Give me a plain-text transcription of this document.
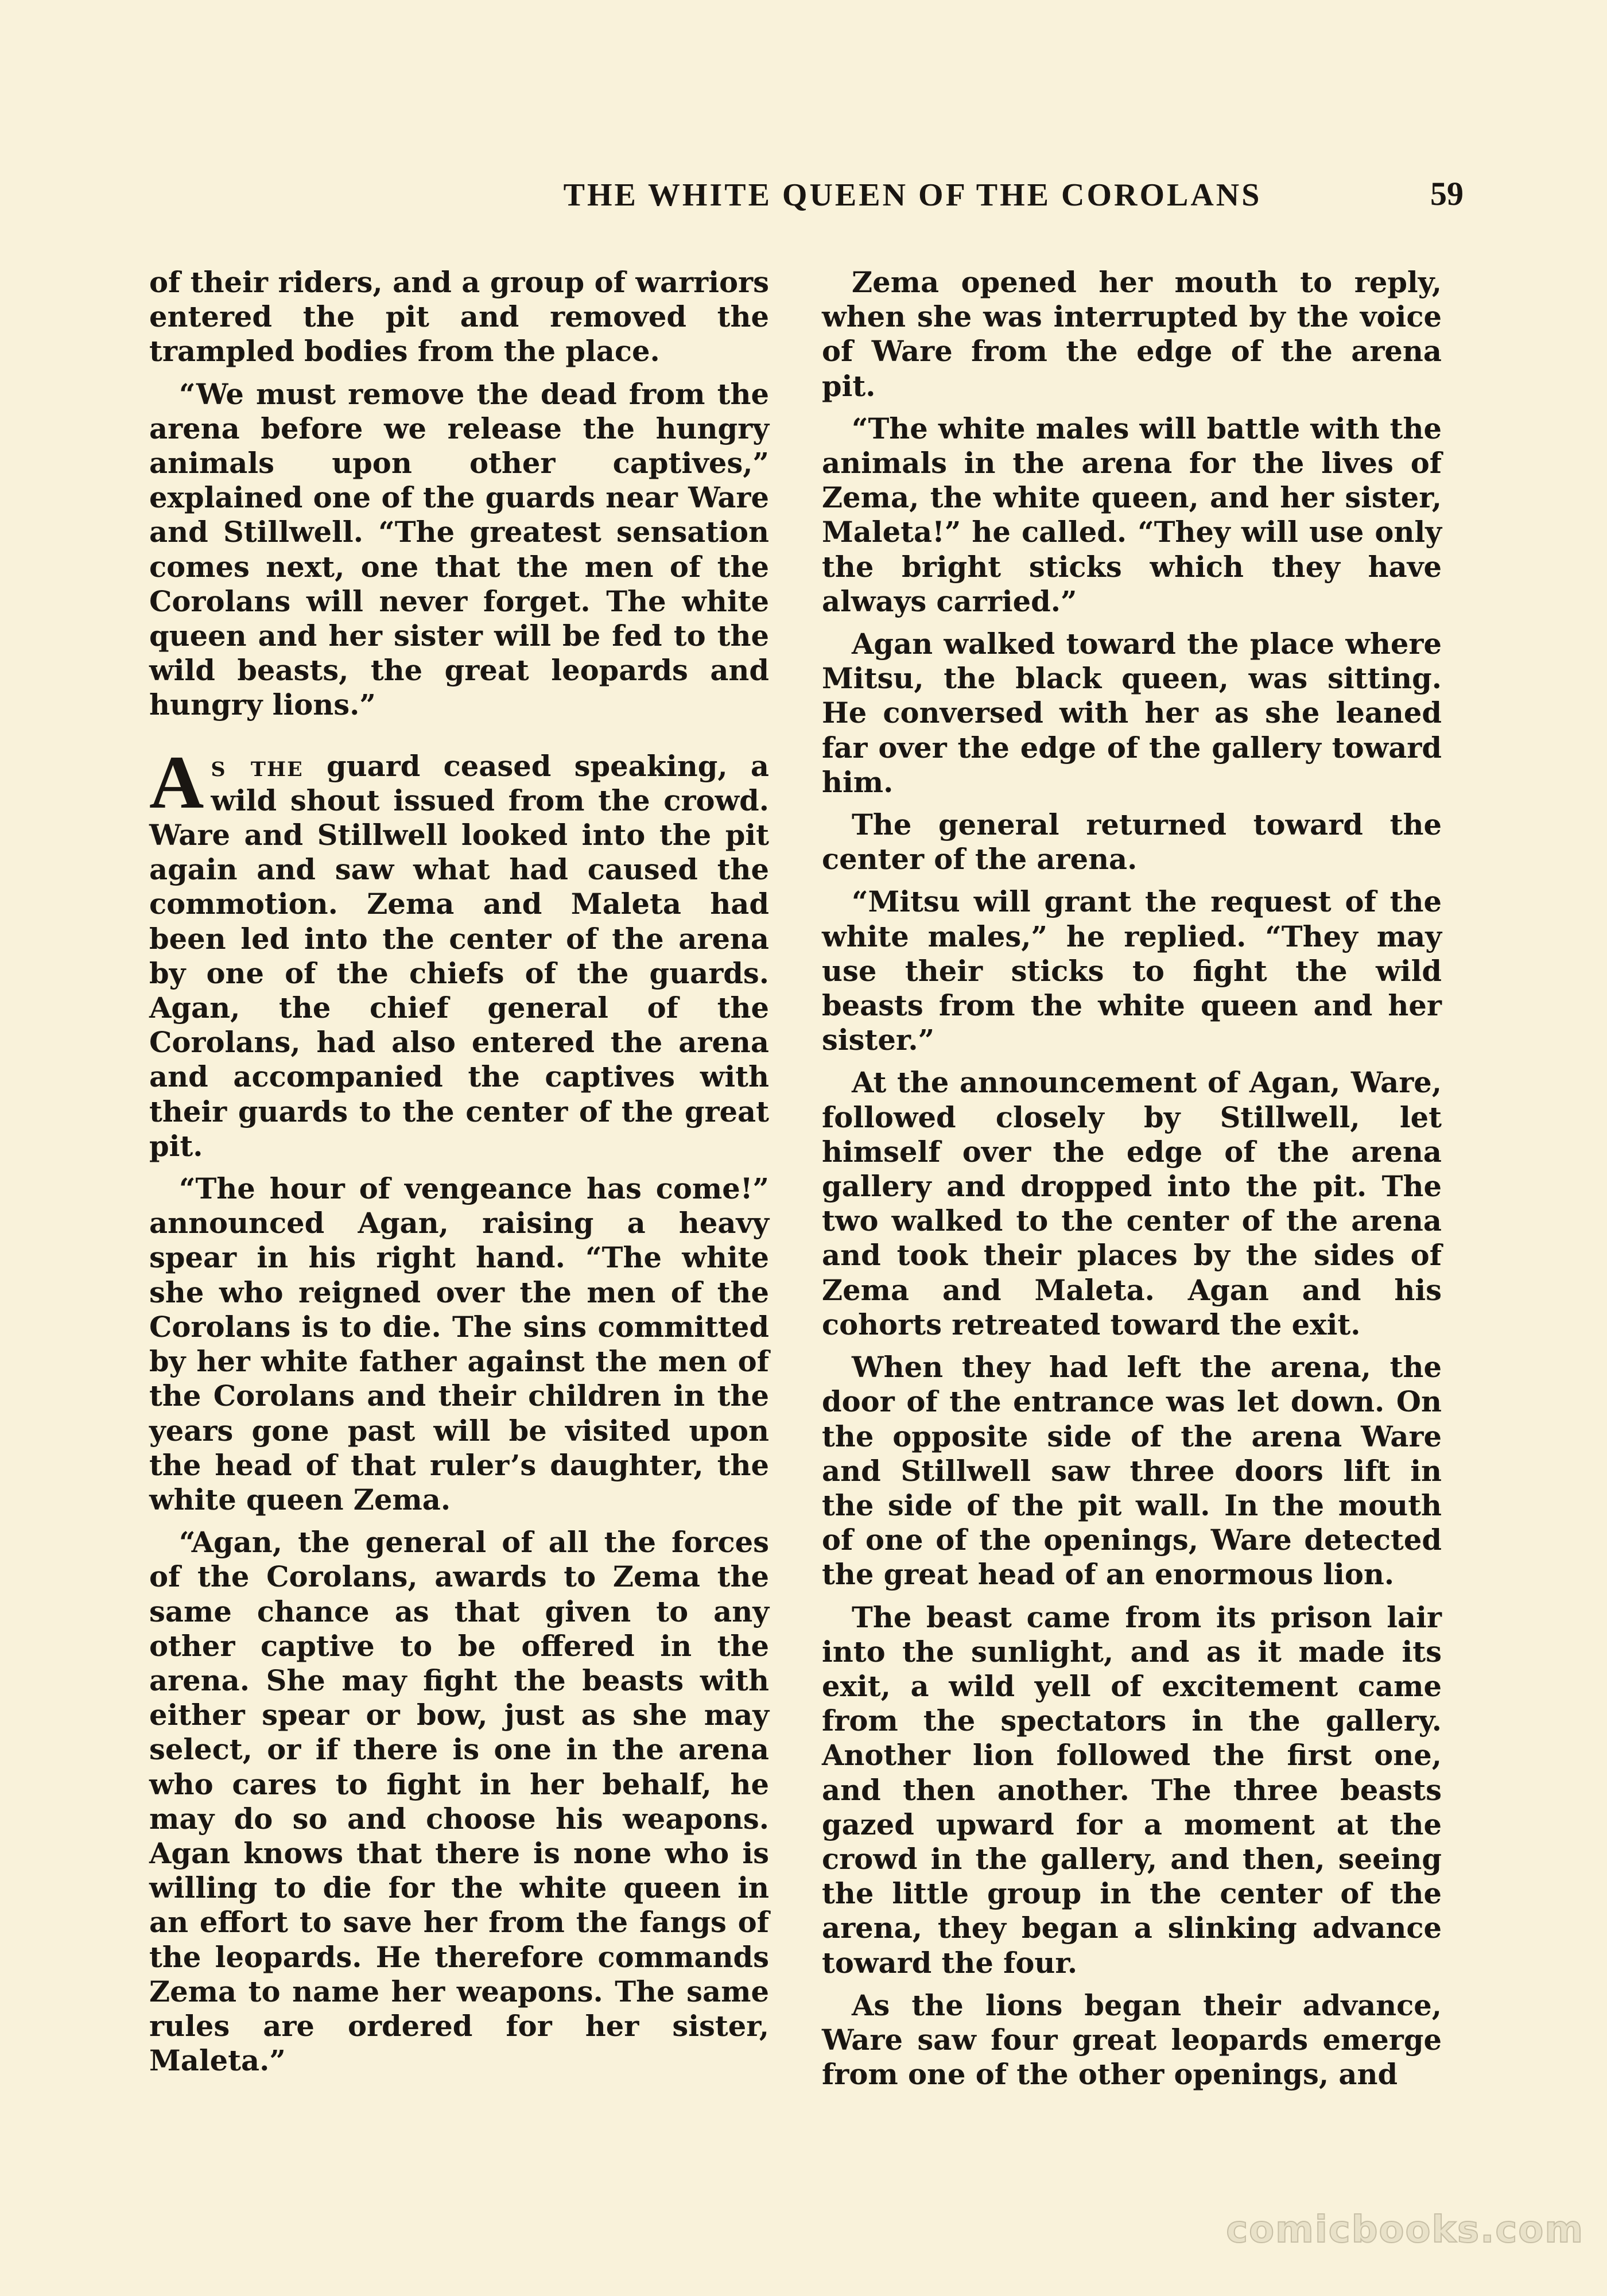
THE WHITE QUEEN OF THE COROLANS	59

of their riders, and a group of warriors entered the pit and removed the trampled bodies from the place.

“We must remove the dead from the arena before we release the hungry animals upon other captives,” explained one of the guards near Ware and Stillwell. “The greatest sensation comes next, one that the men of the Corolans will never forget. The white queen and her sister will be fed to the wild beasts, the great leopards and hungry lions.”

As the guard ceased speaking, a wild shout issued from the crowd. Ware and Stillwell looked into the pit again and saw what had caused the commotion. Zema and Maleta had been led into the center of the arena by one of the chiefs of the guards. Agan, the chief general of the Corolans, had also entered the arena and accompanied the captives with their guards to the center of the great pit.

“The hour of vengeance has come!” announced Agan, raising a heavy spear in his right hand. “The white she who reigned over the men of the Corolans is to die. The sins committed by her white father against the men of the Corolans and their children in the years gone past will be visited upon the head of that ruler’s daughter, the white queen Zema.

“Agan, the general of all the forces of the Corolans, awards to Zema the same chance as that given to any other captive to be offered in the arena. She may fight the beasts with either spear or bow, just as she may select, or if there is one in the arena who cares to fight in her behalf, he may do so and choose his weapons. Agan knows that there is none who is willing to die for the white queen in an effort to save her from the fangs of the leopards. He therefore commands Zema to name her weapons. The same rules are ordered for her sister, Maleta.”

Zema opened her mouth to reply, when she was interrupted by the voice of Ware from the edge of the arena pit.

“The white males will battle with the animals in the arena for the lives of Zema, the white queen, and her sister, Maleta!” he called. “They will use only the bright sticks which they have always carried.”

Agan walked toward the place where Mitsu, the black queen, was sitting. He conversed with her as she leaned far over the edge of the gallery toward him.

The general returned toward the center of the arena.

“Mitsu will grant the request of the white males,” he replied. “They may use their sticks to fight the wild beasts from the white queen and her sister.”

At the announcement of Agan, Ware, followed closely by Stillwell, let himself over the edge of the arena gallery and dropped into the pit. The two walked to the center of the arena and took their places by the sides of Zema and Maleta. Agan and his cohorts retreated toward the exit.

When they had left the arena, the door of the entrance was let down. On the opposite side of the arena Ware and Stillwell saw three doors lift in the side of the pit wall. In the mouth of one of the openings, Ware detected the great head of an enormous lion.

The beast came from its prison lair into the sunlight, and as it made its exit, a wild yell of excitement came from the spectators in the gallery. Another lion followed the first one, and then another. The three beasts gazed upward for a moment at the crowd in the gallery, and then, seeing the little group in the center of the arena, they began a slinking advance toward the four.

As the lions began their advance, Ware saw four great leopards emerge from one of the other openings, and

comicbooks.com
